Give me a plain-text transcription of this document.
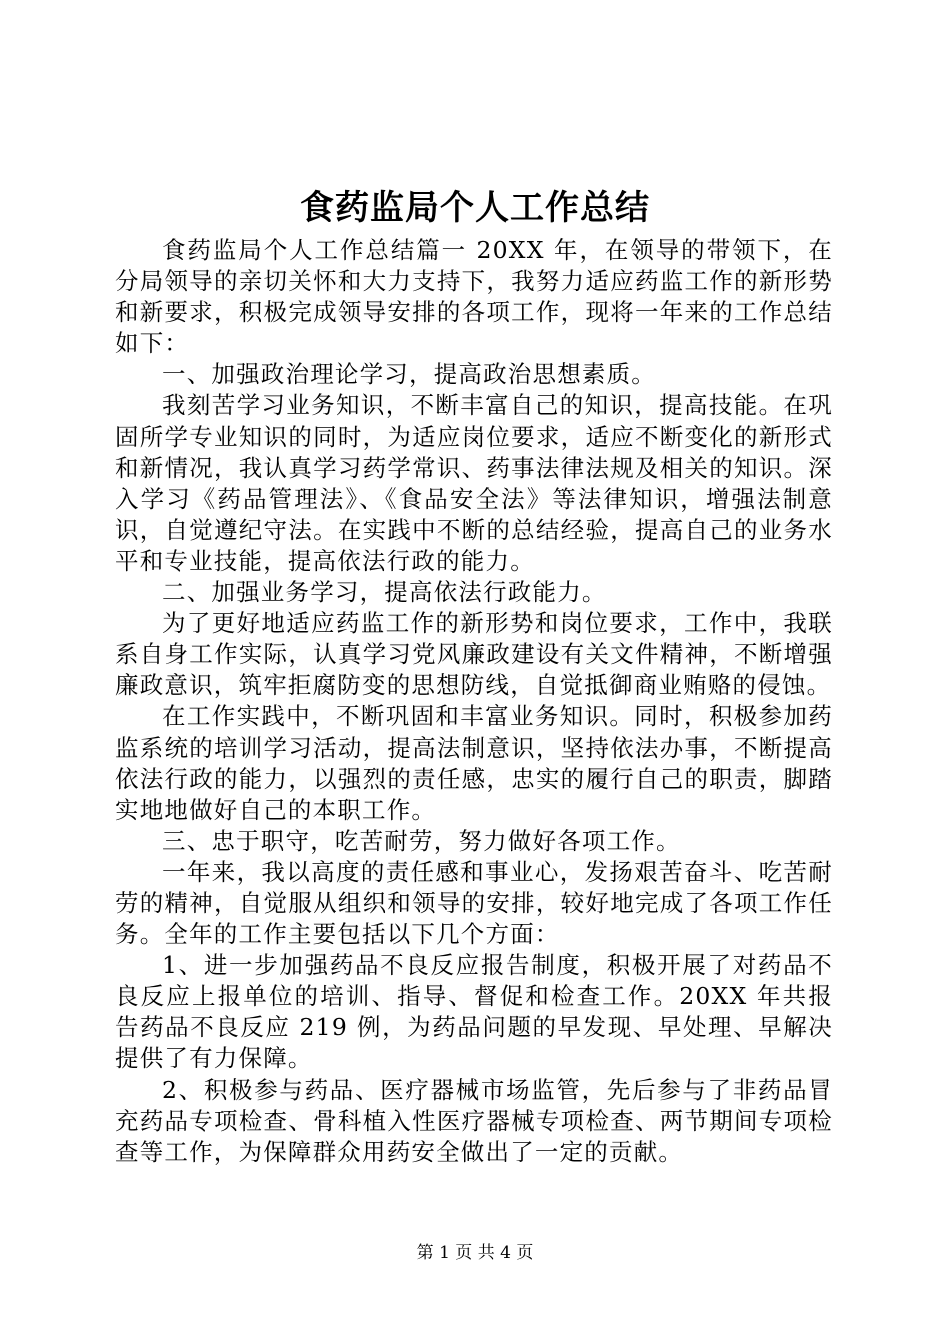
食药监局个人工作总结

食药监局个人工作总结篇一 20XX 年，在领导的带领下，在分局领导的亲切关怀和大力支持下，我努力适应药监工作的新形势和新要求，积极完成领导安排的各项工作，现将一年来的工作总结如下：

一、加强政治理论学习，提高政治思想素质。

我刻苦学习业务知识，不断丰富自己的知识，提高技能。在巩固所学专业知识的同时，为适应岗位要求，适应不断变化的新形式和新情况，我认真学习药学常识、药事法律法规及相关的知识。深入学习《药品管理法》、《食品安全法》等法律知识，增强法制意识，自觉遵纪守法。在实践中不断的总结经验，提高自己的业务水平和专业技能，提高依法行政的能力。

二、加强业务学习，提高依法行政能力。

为了更好地适应药监工作的新形势和岗位要求，工作中，我联系自身工作实际，认真学习党风廉政建设有关文件精神，不断增强廉政意识，筑牢拒腐防变的思想防线，自觉抵御商业贿赂的侵蚀。

在工作实践中，不断巩固和丰富业务知识。同时，积极参加药监系统的培训学习活动，提高法制意识，坚持依法办事，不断提高依法行政的能力，以强烈的责任感，忠实的履行自己的职责，脚踏实地地做好自己的本职工作。

三、忠于职守，吃苦耐劳，努力做好各项工作。

一年来，我以高度的责任感和事业心，发扬艰苦奋斗、吃苦耐劳的精神，自觉服从组织和领导的安排，较好地完成了各项工作任务。全年的工作主要包括以下几个方面：

1、进一步加强药品不良反应报告制度，积极开展了对药品不良反应上报单位的培训、指导、督促和检查工作。20XX 年共报告药品不良反应 219 例，为药品问题的早发现、早处理、早解决提供了有力保障。

2、积极参与药品、医疗器械市场监管，先后参与了非药品冒充药品专项检查、骨科植入性医疗器械专项检查、两节期间专项检查等工作，为保障群众用药安全做出了一定的贡献。

第 1 页 共 4 页
